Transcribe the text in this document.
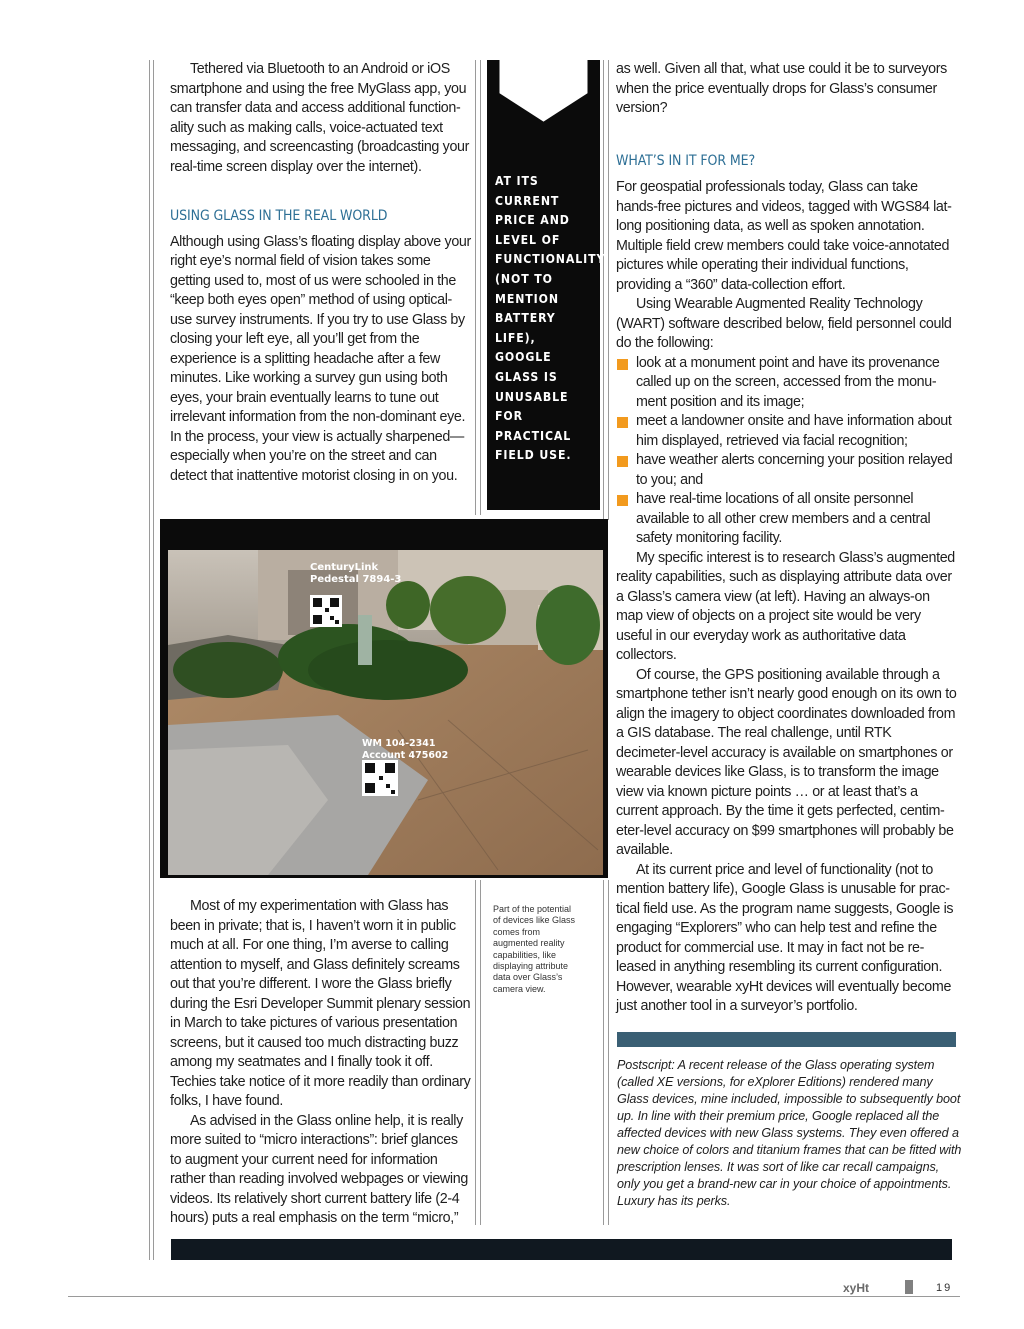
Tethered via Bluetooth to an Android or iOS smartphone and using the free MyGlass app, you can transfer data and access additional functionality such as making calls, voice-actuated text messaging, and screencasting (broadcasting your real-time screen display over the internet).

USING GLASS IN THE REAL WORLD

Although using Glass’s floating display above your right eye’s normal field of vision takes some getting used to, most of us were schooled in the “keep both eyes open” method of using optical-use survey instruments. If you try to use Glass by closing your left eye, all you’ll get from the experience is a splitting headache after a few minutes. Like working a survey gun using both eyes, your brain eventually learns to tune out irrelevant information from the non-dominant eye. In the process, your view is actually sharpened—especially when you’re on the street and can detect that inattentive motorist closing in on you.

AT ITS CURRENT PRICE AND LEVEL OF FUNCTIONALITY (NOT TO MENTION BATTERY LIFE), GOOGLE GLASS IS UNUSABLE FOR PRACTICAL FIELD USE.
CenturyLink
Pedestal 7894-3
WM 104-2341
Account 475602
Part of the potential of devices like Glass comes from augmented reality capabilities, like displaying attribute data over Glass’s camera view.

Most of my experimentation with Glass has been in private; that is, I haven’t worn it in public much at all. For one thing, I’m averse to calling attention to myself, and Glass definitely screams out that you’re different. I wore the Glass briefly during the Esri Developer Summit plenary session in March to take pictures of various presentation screens, but it caused too much distracting buzz among my seatmates and I finally took it off. Techies take notice of it more readily than ordinary folks, I have found.

As advised in the Glass online help, it is really more suited to “micro interactions”: brief glances to augment your current need for information rather than reading involved webpages or viewing videos. Its relatively short current battery life (2-4 hours) puts a real emphasis on the term “micro,”

as well. Given all that, what use could it be to surveyors when the price eventually drops for Glass’s consumer version?

WHAT’S IN IT FOR ME?

For geospatial professionals today, Glass can take hands-free pictures and videos, tagged with WGS84 lat-long positioning data, as well as spoken annotation. Multiple field crew members could take voice-annotated pictures while operating their individual functions, providing a “360” data-collection effort.

Using Wearable Augmented Reality Technology (WART) software described below, field personnel could do the following:

look at a monument point and have its provenance called up on the screen, accessed from the monument position and its image;
meet a landowner onsite and have information about him displayed, retrieved via facial recognition;
have weather alerts concerning your position relayed to you; and
have real-time locations of all onsite personnel available to all other crew members and a central safety monitoring facility.

My specific interest is to research Glass’s augmented reality capabilities, such as displaying attribute data over a Glass’s camera view (at left). Having an always-on map view of objects on a project site would be very useful in our everyday work as authoritative data collectors.

Of course, the GPS positioning available through a smartphone tether isn’t nearly good enough on its own to align the imagery to object coordinates downloaded from a GIS database. The real challenge, until RTK decimeter-level accuracy is available on smartphones or wearable devices like Glass, is to transform the image view via known picture points … or at least that’s a current approach. By the time it gets perfected, centimeter-level accuracy on $99 smartphones will probably be available.

At its current price and level of functionality (not to mention battery life), Google Glass is unusable for practical field use. As the program name suggests, Google is engaging “Explorers” who can help test and refine the product for commercial use. It may in fact not be released in anything resembling its current configuration. However, wearable xyHt devices will eventually become just another tool in a surveyor’s portfolio.

Postscript: A recent release of the Glass operating system (called XE versions, for eXplorer Editions) rendered many Glass devices, mine included, impossible to subsequently boot up. In line with their premium price, Google replaced all the affected devices with new Glass systems. They even offered a new choice of colors and titanium frames that can be fitted with prescription lenses. It was sort of like car recall campaigns, only you get a brand-new car in your choice of appointments. Luxury has its perks.
xyHt	19
